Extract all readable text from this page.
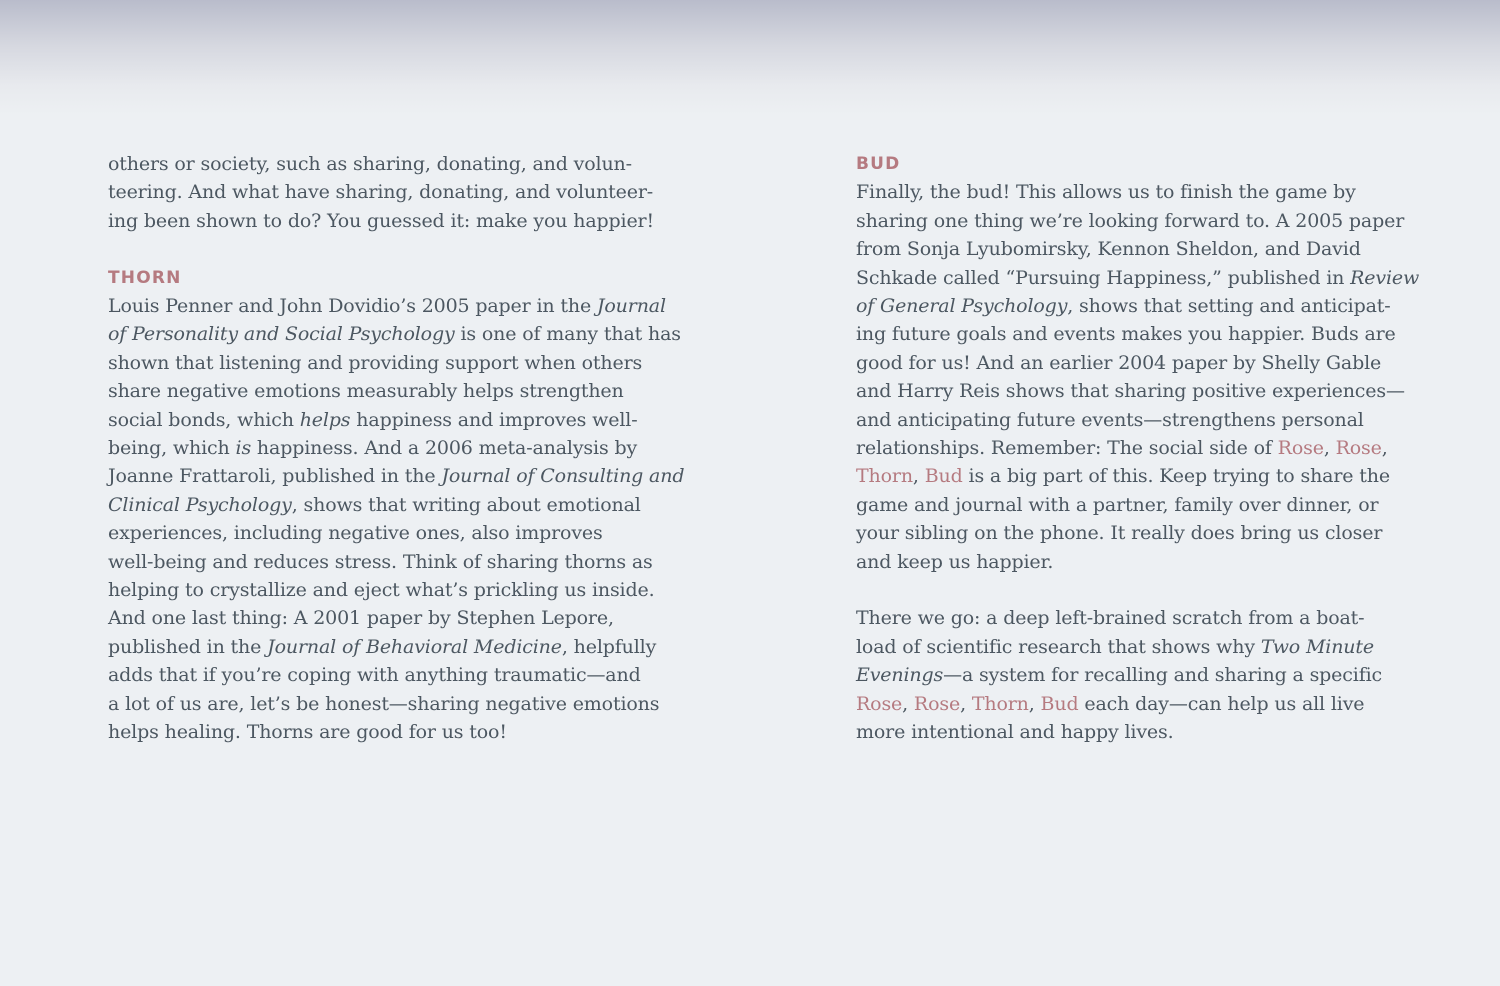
others or society, such as sharing, donating, and volun-
teering. And what have sharing, donating, and volunteer-
ing been shown to do? You guessed it: make you happier!
THORN
Louis Penner and John Dovidio’s 2005 paper in the Journal
of Personality and Social Psychology is one of many that has
shown that listening and providing support when others
share negative emotions measurably helps strengthen
social bonds, which helps happiness and improves well-
being, which is happiness. And a 2006 meta-analysis by
Joanne Frattaroli, published in the Journal of Consulting and
Clinical Psychology, shows that writing about emotional
experiences, including negative ones, also improves
well-being and reduces stress. Think of sharing thorns as
helping to crystallize and eject what’s prickling us inside.
And one last thing: A 2001 paper by Stephen Lepore,
published in the Journal of Behavioral Medicine, helpfully
adds that if you’re coping with anything traumatic—and
a lot of us are, let’s be honest—sharing negative emotions
helps healing. Thorns are good for us too!
BUD
Finally, the bud! This allows us to finish the game by
sharing one thing we’re looking forward to. A 2005 paper
from Sonja Lyubomirsky, Kennon Sheldon, and David
Schkade called “Pursuing Happiness,” published in Review
of General Psychology, shows that setting and anticipat-
ing future goals and events makes you happier. Buds are
good for us! And an earlier 2004 paper by Shelly Gable
and Harry Reis shows that sharing positive experiences—
and anticipating future events—strengthens personal
relationships. Remember: The social side of Rose, Rose,
Thorn, Bud is a big part of this. Keep trying to share the
game and journal with a partner, family over dinner, or
your sibling on the phone. It really does bring us closer
and keep us happier.
There we go: a deep left-brained scratch from a boat-
load of scientific research that shows why Two Minute
Evenings—a system for recalling and sharing a specific
Rose, Rose, Thorn, Bud each day—can help us all live
more intentional and happy lives.
